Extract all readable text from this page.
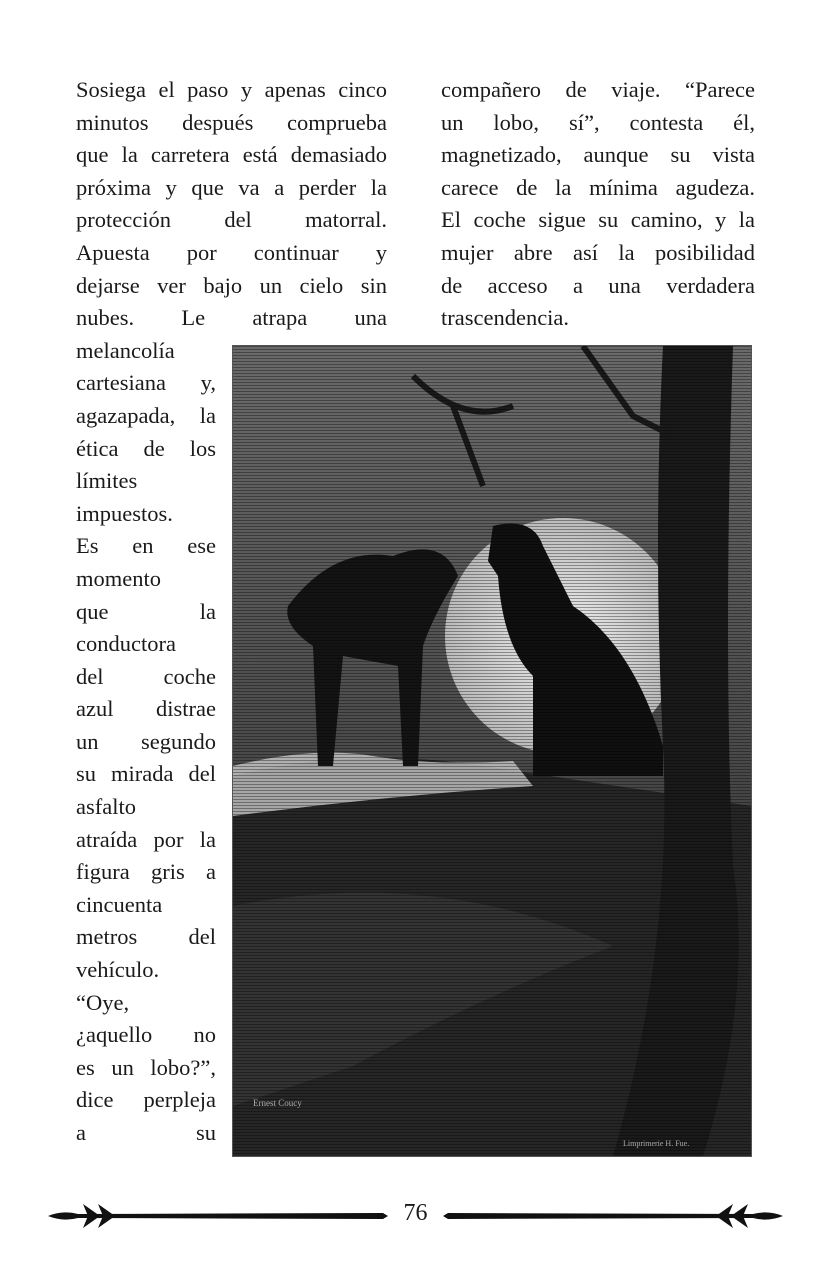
Sosiega el paso y apenas cinco
minutos después comprueba
que la carretera está demasiado
próxima y que va a perder la
protección del matorral.
Apuesta por continuar y
dejarse ver bajo un cielo sin
nubes. Le atrapa una
melancolía
cartesiana y,
agazapada, la
ética de los
límites
impuestos.
Es en ese
momento
que la
conductora
del coche
azul distrae
un segundo
su mirada del
asfalto
atraída por la
figura gris a
cincuenta
metros del
vehículo.
“Oye,
¿aquello no
es un lobo?”,
dice perpleja
a su
compañero de viaje. “Parece
un lobo, sí”, contesta él,
magnetizado, aunque su vista
carece de la mínima agudeza.
El coche sigue su camino, y la
mujer abre así la posibilidad
de acceso a una verdadera
trascendencia.
Ernest Coucy
Limprimerie H. Fue.
76
